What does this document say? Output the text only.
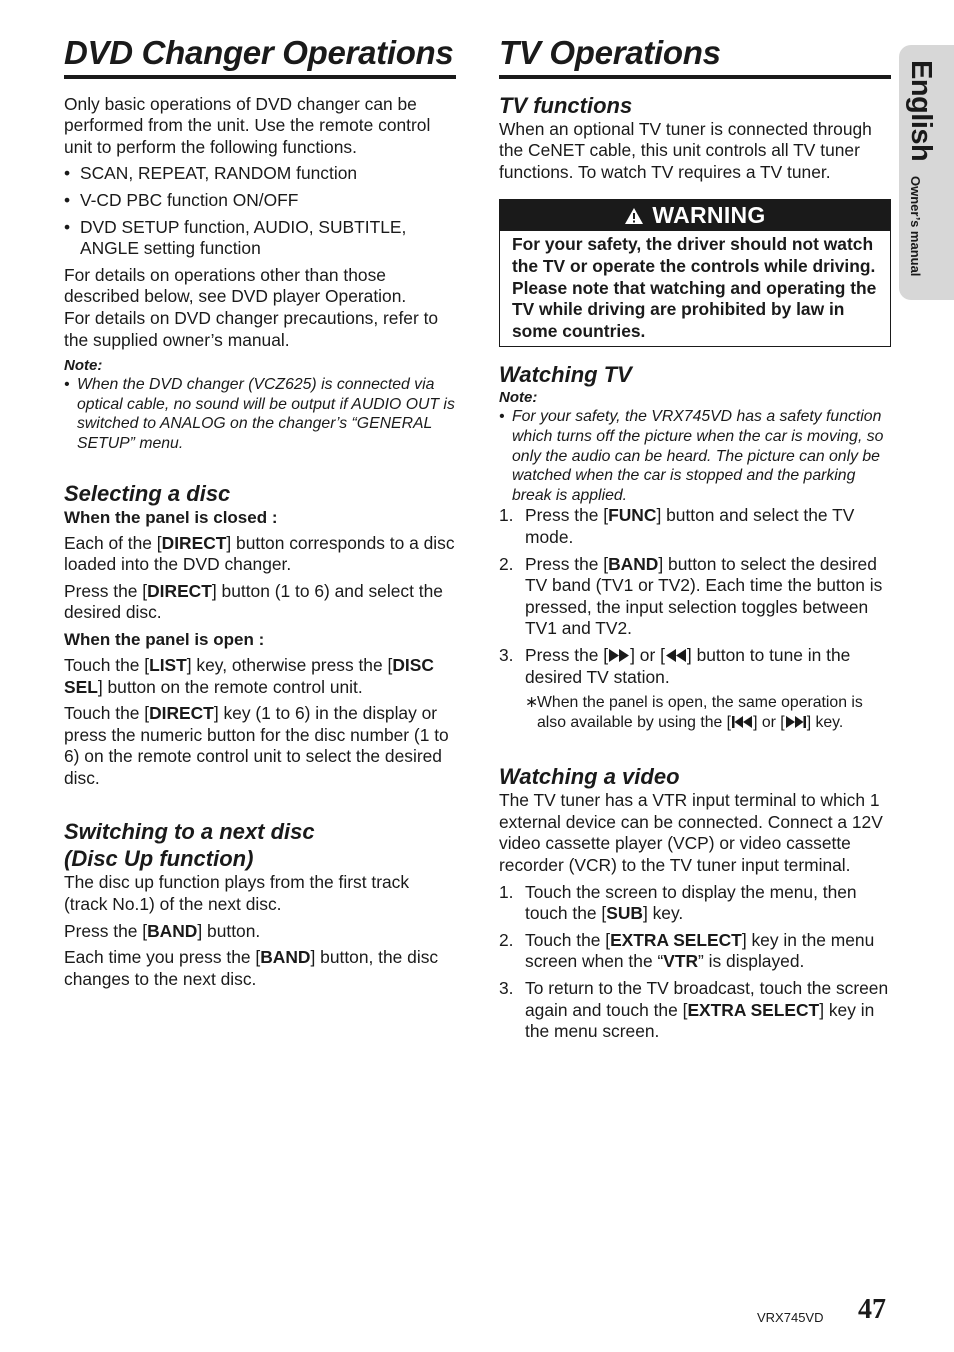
DVD Changer Operations

Only basic operations of DVD changer can be performed from the unit. Use the remote control unit to perform the following functions.

• SCAN, REPEAT, RANDOM function
• V-CD PBC function ON/OFF
• DVD SETUP function, AUDIO, SUBTITLE, ANGLE setting function

For details on operations other than those described below, see DVD player Operation.

For details on DVD changer precautions, refer to the supplied owner’s manual.

Note:
• When the DVD changer (VCZ625) is connected via optical cable, no sound will be output if AUDIO OUT is switched to ANALOG on the changer’s “GENERAL SETUP” menu.
Selecting a disc
When the panel is closed :

Each of the [DIRECT] button corresponds to a disc loaded into the DVD changer.

Press the [DIRECT] button (1 to 6) and select the desired disc.

When the panel is open :

Touch the [LIST] key, otherwise press the [DISC SEL] button on the remote control unit.

Touch the [DIRECT] key (1 to 6) in the display or press the numeric button for the disc number (1 to 6) on the remote control unit to select the desired disc.

Switching to a next disc
(Disc Up function)

The disc up function plays from the first track (track No.1) of the next disc.

Press the [BAND] button.

Each time you press the [BAND] button, the disc changes to the next disc.

TV Operations
TV functions

When an optional TV tuner is connected through the CeNET cable, this unit controls all TV tuner functions. To watch TV requires a TV tuner.

WARNING
For your safety, the driver should not watch the TV or operate the controls while driving. Please note that watching and operating the TV while driving are prohibited by law in some countries.
Watching TV
Note:
• For your safety, the VRX745VD has a safety function which turns off the picture when the car is moving, so only the audio can be heard. The picture can only be watched when the car is stopped and the parking break is applied.
1. Press the [FUNC] button and select the TV mode.
2. Press the [BAND] button to select the desired TV band (TV1 or TV2). Each time the button is pressed, the input selection toggles between TV1 and TV2.
3. Press the [ ] or [ ] button to tune in the desired TV station.
∗When the panel is open, the same operation is also available by using the [ ] or [ ] key.
Watching a video

The TV tuner has a VTR input terminal to which 1 external device can be connected. Connect a 12V video cassette player (VCP) or video cassette recorder (VCR) to the TV tuner input terminal.

1. Touch the screen to display the menu, then touch the [SUB] key.
2. Touch the [EXTRA SELECT] key in the menu screen when the “VTR” is displayed.
3. To return to the TV broadcast, touch the screen again and touch the [EXTRA SELECT] key in the menu screen.
English
Owner’s manual
VRX745VD 47
